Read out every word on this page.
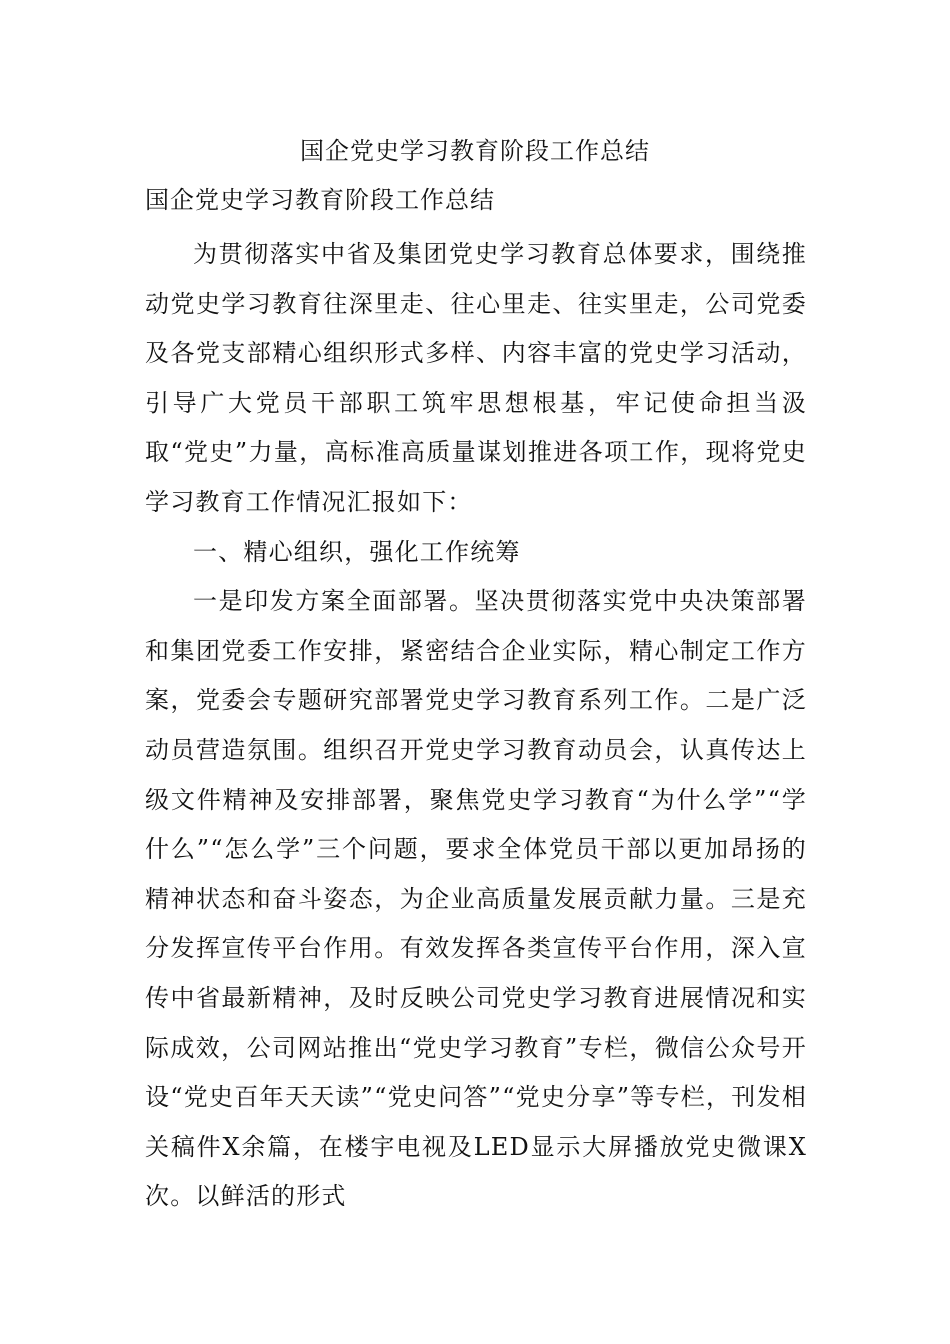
国企党史学习教育阶段工作总结
国企党史学习教育阶段工作总结

为贯彻落实中省及集团党史学习教育总体要求，围绕推动党史学习教育往深里走、往心里走、往实里走，公司党委及各党支部精心组织形式多样、内容丰富的党史学习活动，引导广大党员干部职工筑牢思想根基，牢记使命担当汲取“党史”力量，高标准高质量谋划推进各项工作，现将党史学习教育工作情况汇报如下：

一、精心组织，强化工作统筹

一是印发方案全面部署。坚决贯彻落实党中央决策部署和集团党委工作安排，紧密结合企业实际，精心制定工作方案，党委会专题研究部署党史学习教育系列工作。二是广泛动员营造氛围。组织召开党史学习教育动员会，认真传达上级文件精神及安排部署，聚焦党史学习教育“为什么学”“学什么”“怎么学”三个问题，要求全体党员干部以更加昂扬的精神状态和奋斗姿态，为企业高质量发展贡献力量。三是充分发挥宣传平台作用。有效发挥各类宣传平台作用，深入宣传中省最新精神，及时反映公司党史学习教育进展情况和实际成效，公司网站推出“党史学习教育”专栏，微信公众号开设“党史百年天天读”“党史问答”“党史分享”等专栏，刊发相关稿件X余篇，在楼宇电视及LED显示大屏播放党史微课X次。以鲜活的形式
